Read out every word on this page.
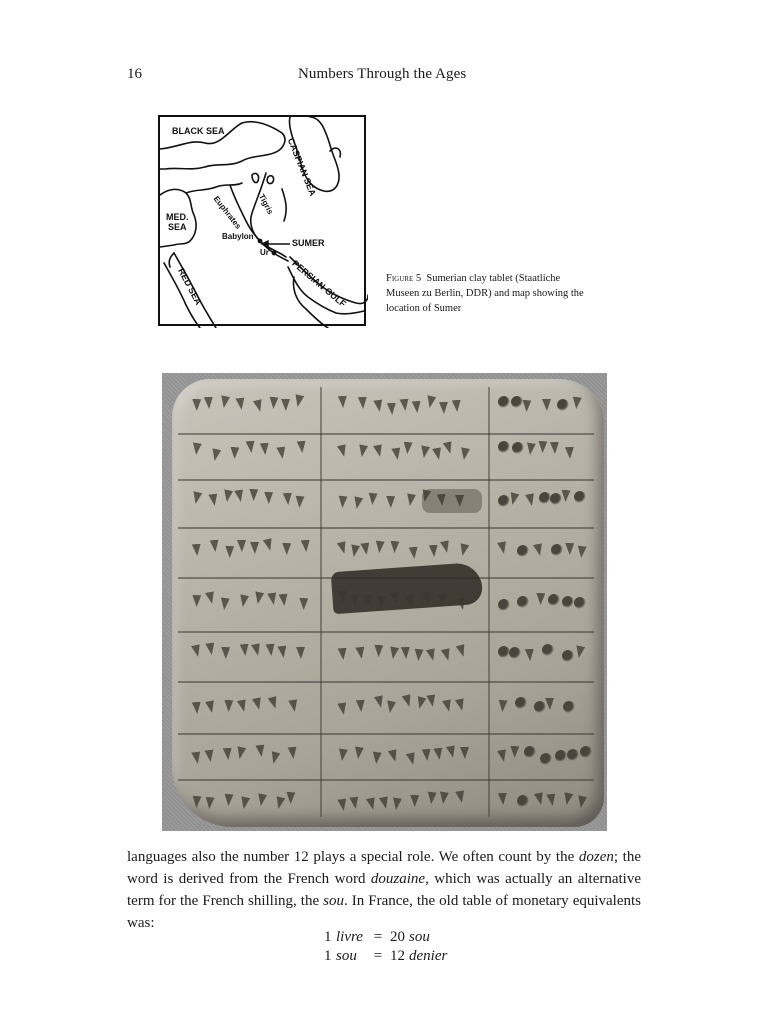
16	Numbers Through the Ages
BLACK SEA
CASPIAN SEA
MED.
SEA
Tigris
Euphrates
Babylon
SUMER
Ur
PERSIAN GULF
RED SEA	Figure 5 Sumerian clay tablet (Staatliche Museen zu Berlin, DDR) and map showing the location of Sumer

languages also the number 12 plays a special role. We often count by the dozen; the word is derived from the French word douzaine, which was actually an alternative term for the French shilling, the sou. In France, the old table of monetary equivalents was:

1 livre = 20 sou
1 sou = 12 denier
